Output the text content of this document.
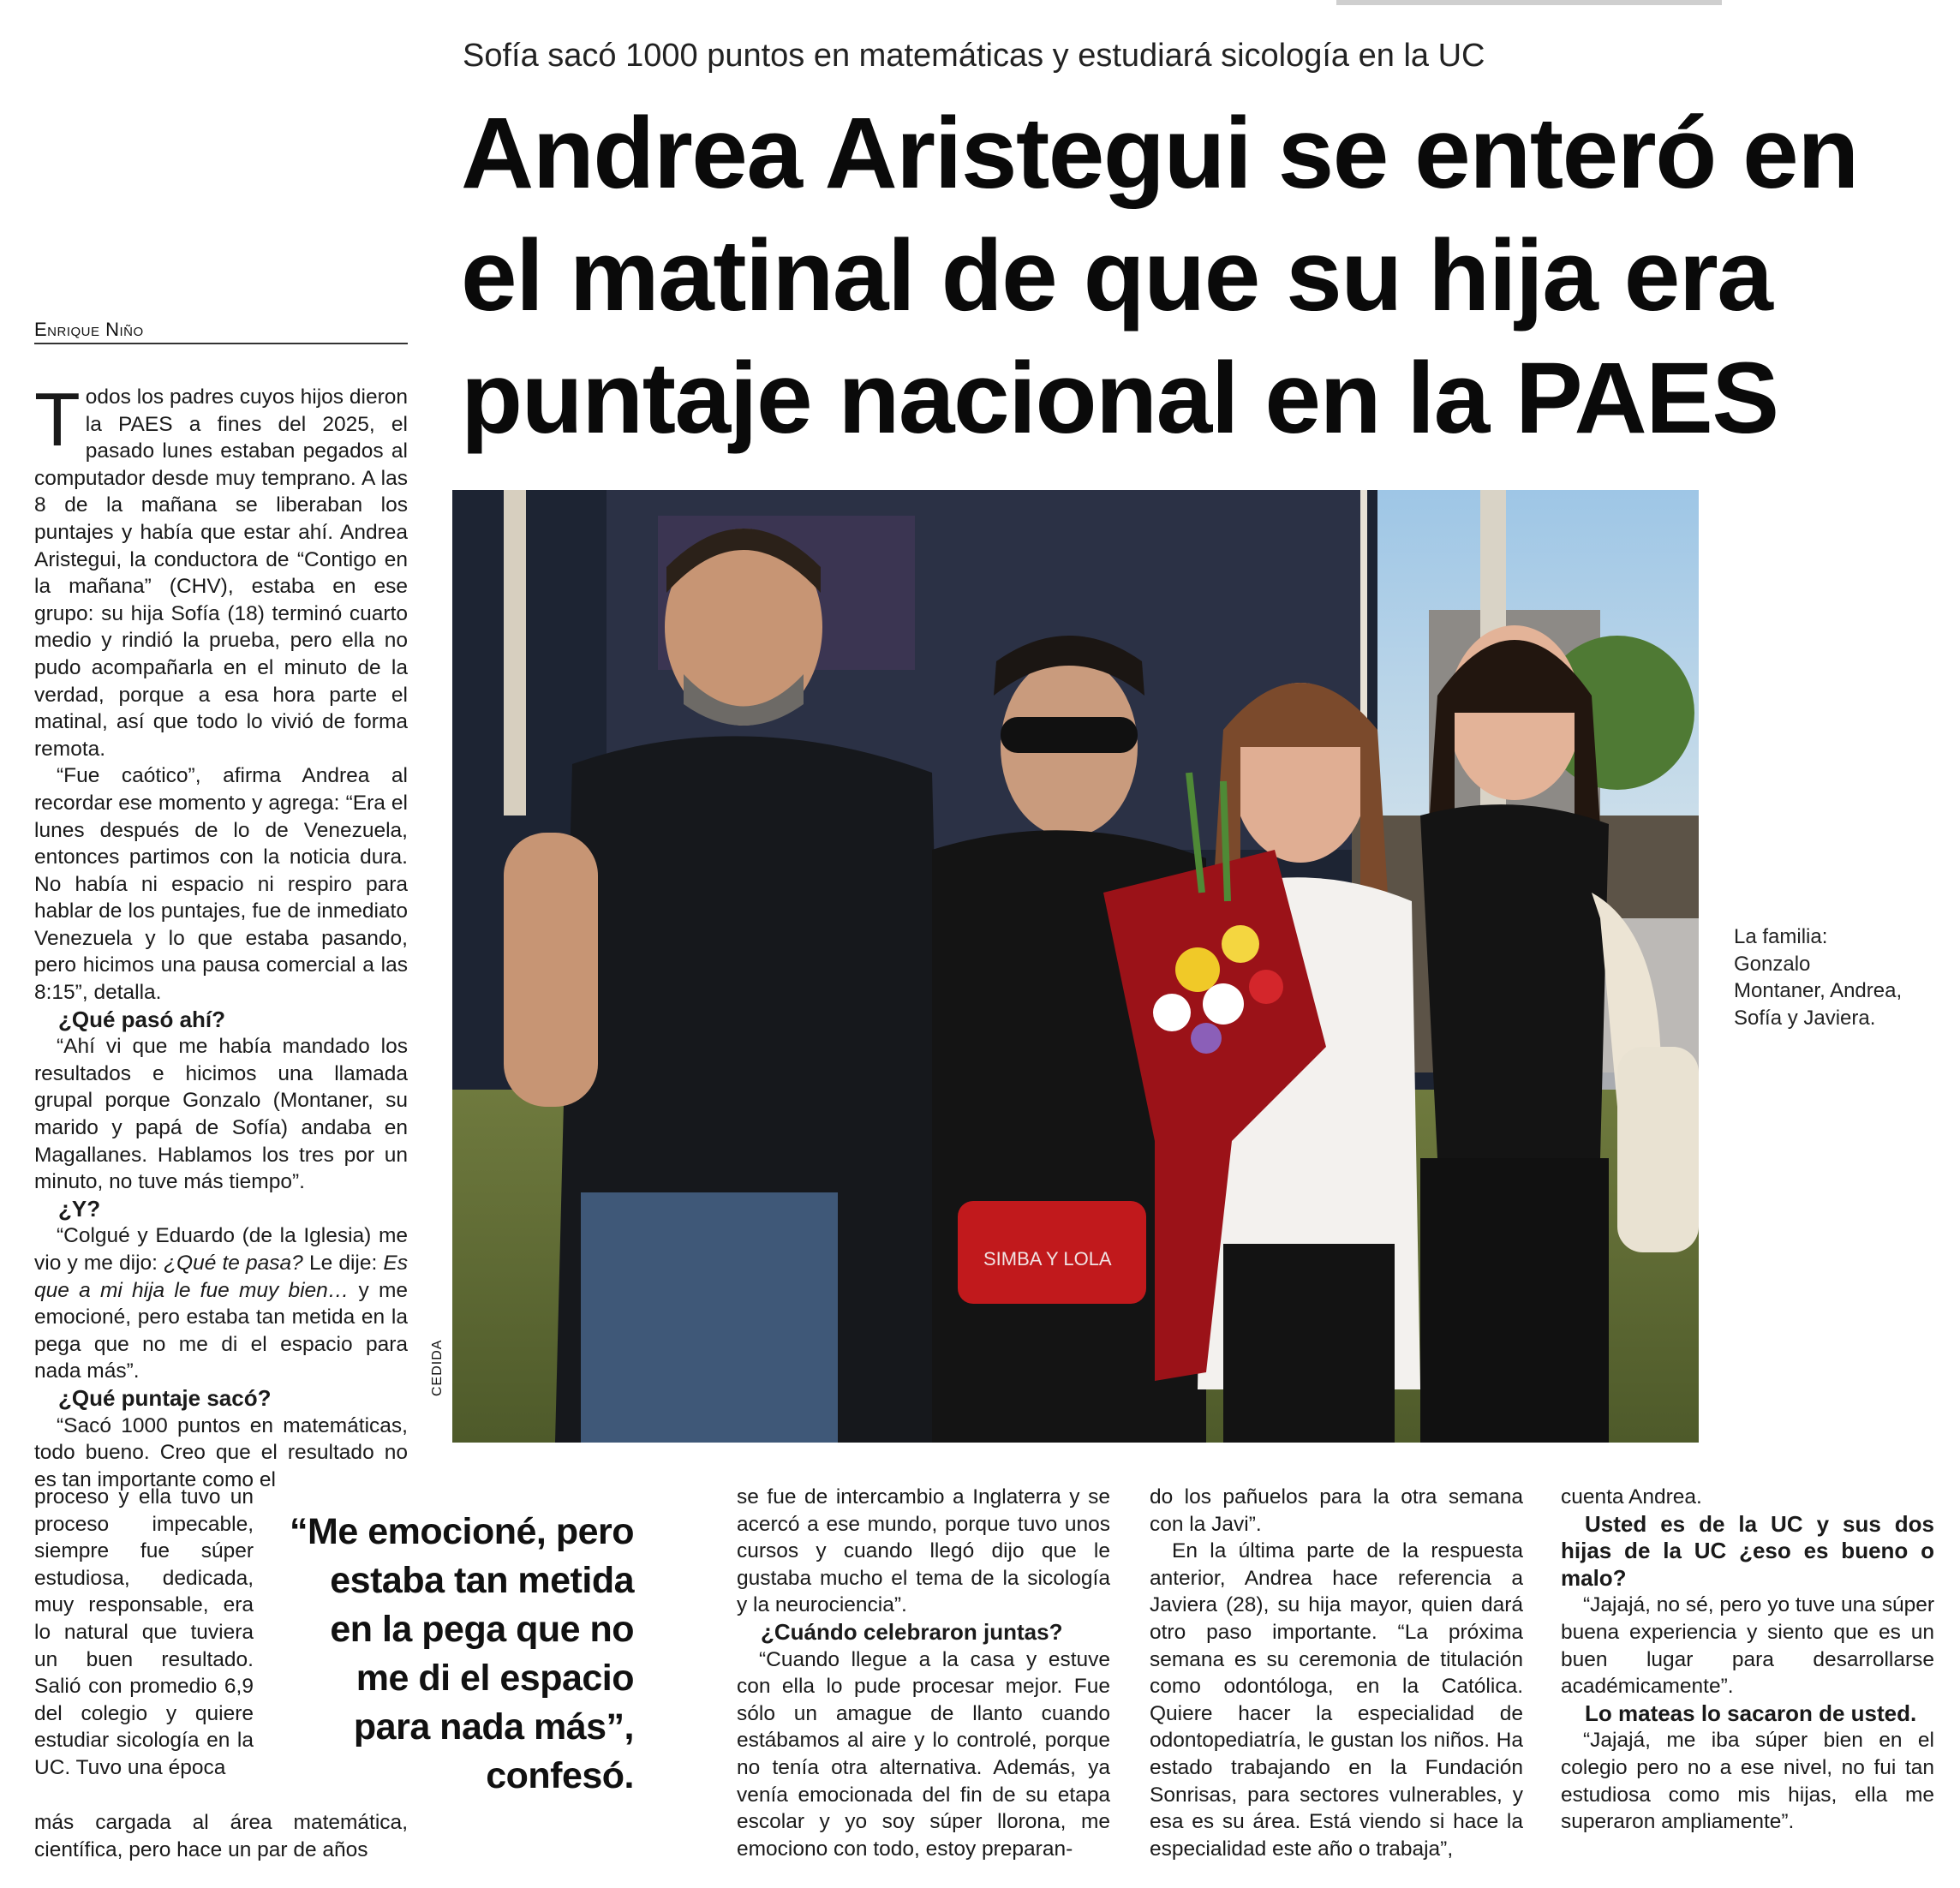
Sofía sacó 1000 puntos en matemáticas y estudiará sicología en la UC
Andrea Aristegui se enteró en
el matinal de que su hija era
puntaje nacional en la PAES
Enrique Niño

Todos los padres cuyos hijos dieron la PAES a fines del 2025, el pasado lunes estaban pegados al computador desde muy temprano. A las 8 de la mañana se liberaban los puntajes y había que estar ahí. Andrea Aristegui, la conductora de “Contigo en la mañana” (CHV), estaba en ese grupo: su hija Sofía (18) terminó cuarto medio y rindió la prueba, pero ella no pudo acompañarla en el minuto de la verdad, porque a esa hora parte el matinal, así que todo lo vivió de forma remota.

“Fue caótico”, afirma Andrea al recordar ese momento y agrega: “Era el lunes después de lo de Venezuela, entonces partimos con la noticia dura. No había ni espacio ni respiro para hablar de los puntajes, fue de inmediato Venezuela y lo que estaba pasando, pero hicimos una pausa comercial a las 8:15”, detalla.

¿Qué pasó ahí?

“Ahí vi que me había mandado los resultados e hicimos una llamada grupal porque Gonzalo (Montaner, su marido y papá de Sofía) andaba en Magallanes. Hablamos los tres por un minuto, no tuve más tiempo”.

¿Y?

“Colgué y Eduardo (de la Iglesia) me vio y me dijo: ¿Qué te pasa? Le dije: Es que a mi hija le fue muy bien… y me emocioné, pero estaba tan metida en la pega que no me di el espacio para nada más”.

¿Qué puntaje sacó?

“Sacó 1000 puntos en matemáticas, todo bueno. Creo que el resultado no es tan importante como el

proceso y ella tuvo un proceso impecable, siempre fue súper estudiosa, dedicada, muy responsable, era lo natural que tuviera un buen resultado. Salió con promedio 6,9 del colegio y quiere estudiar sicología en la UC. Tuvo una época

más cargada al área matemática, científica, pero hace un par de años

“Me emocioné, pero estaba tan metida en la pega que no me di el espacio para nada más”, confesó.

se fue de intercambio a Inglaterra y se acercó a ese mundo, porque tuvo unos cursos y cuando llegó dijo que le gustaba mucho el tema de la sicología y la neurociencia”.

¿Cuándo celebraron juntas?

“Cuando llegue a la casa y estuve con ella lo pude procesar mejor. Fue sólo un amague de llanto cuando estábamos al aire y lo controlé, porque no tenía otra alternativa. Además, ya venía emocionada del fin de su etapa escolar y yo soy súper llorona, me emociono con todo, estoy preparan-

do los pañuelos para la otra semana con la Javi”.

En la última parte de la respuesta anterior, Andrea hace referencia a Javiera (28), su hija mayor, quien dará otro paso importante. “La próxima semana es su ceremonia de titulación como odontóloga, en la Católica. Quiere hacer la especialidad de odontopediatría, le gustan los niños. Ha estado trabajando en la Fundación Sonrisas, para sectores vulnerables, y esa es su área. Está viendo si hace la especialidad este año o trabaja”,

cuenta Andrea.

Usted es de la UC y sus dos hijas de la UC ¿eso es bueno o malo?

“Jajajá, no sé, pero yo tuve una súper buena experiencia y siento que es un buen lugar para desarrollarse académicamente”.

Lo mateas lo sacaron de usted.

“Jajajá, me iba súper bien en el colegio pero no a ese nivel, no fui tan estudiosa como mis hijas, ella me superaron ampliamente”.

SIMBA Y LOLA
CEDIDA
La familia: Gonzalo Montaner, Andrea, Sofía y Javiera.
